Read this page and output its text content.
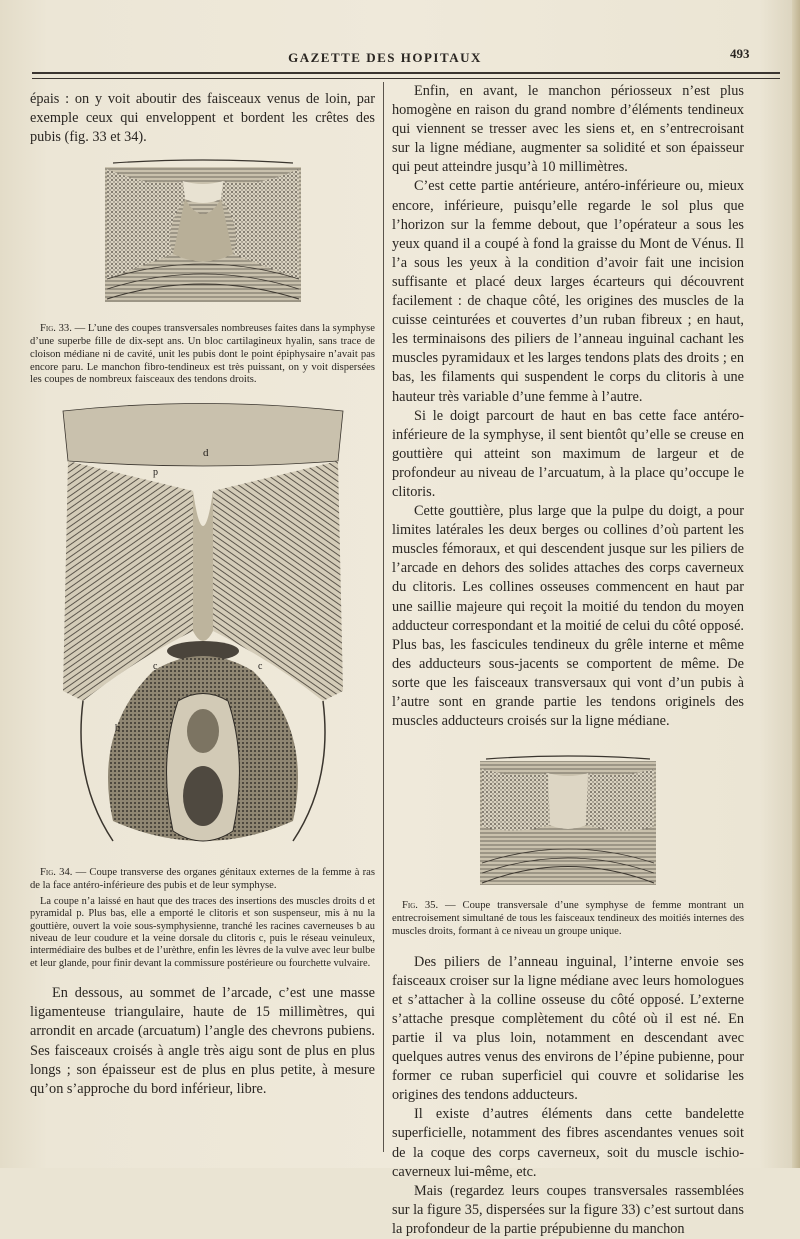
GAZETTE DES HOPITAUX	493

épais : on y voit aboutir des faisceaux venus de loin, par exemple ceux qui enveloppent et bordent les crêtes des pubis (fig. 33 et 34).

Fig. 33. — L’une des coupes transversales nombreuses faites dans la symphyse d’une superbe fille de dix-sept ans. Un bloc cartilagineux hyalin, sans trace de cloison médiane ni de cavité, unit les pubis dont le point épiphysaire n’avait pas encore paru. Le manchon fibro-tendineux est très puissant, on y voit dispersées les coupes de nombreux faisceaux des tendons droits.

d
p
c	c
b

Fig. 34. — Coupe transverse des organes génitaux externes de la femme à ras de la face antéro-inférieure des pubis et de leur symphyse.

La coupe n’a laissé en haut que des traces des insertions des muscles droits d et pyramidal p. Plus bas, elle a emporté le clitoris et son suspenseur, mis à nu la gouttière, ouvert la voie sous-symphysienne, tranché les racines caverneuses b au niveau de leur coudure et la veine dorsale du clitoris c, puis le réseau veinuleux, intermédiaire des bulbes et de l’urèthre, enfin les lèvres de la vulve avec leur bulbe et leur glande, pour finir devant la commissure postérieure ou fourchette vulvaire.

En dessous, au sommet de l’arcade, c’est une masse ligamenteuse triangulaire, haute de 15 millimètres, qui arrondit en arcade (arcuatum) l’angle des chevrons pubiens. Ses faisceaux croisés à angle très aigu sont de plus en plus longs ; son épaisseur est de plus en plus petite, à mesure qu’on s’approche du bord inférieur, libre.

Enfin, en avant, le manchon périosseux n’est plus homogène en raison du grand nombre d’éléments tendineux qui viennent se tresser avec les siens et, en s’entrecroisant sur la ligne médiane, augmenter sa solidité et son épaisseur qui peut atteindre jusqu’à 10 millimètres.

C’est cette partie antérieure, antéro-inférieure ou, mieux encore, inférieure, puisqu’elle regarde le sol plus que l’horizon sur la femme debout, que l’opérateur a sous les yeux quand il a coupé à fond la graisse du Mont de Vénus. Il l’a sous les yeux à la condition d’avoir fait une incision suffisante et placé deux larges écarteurs qui découvrent facilement : de chaque côté, les origines des muscles de la cuisse ceinturées et couvertes d’un ruban fibreux ; en haut, les terminaisons des piliers de l’anneau inguinal cachant les muscles pyramidaux et les larges tendons plats des droits ; en bas, les filaments qui suspendent le corps du clitoris à une hauteur très variable d’une femme à l’autre.

Si le doigt parcourt de haut en bas cette face antéro-inférieure de la symphyse, il sent bientôt qu’elle se creuse en gouttière qui atteint son maximum de largeur et de profondeur au niveau de l’arcuatum, à la place qu’occupe le clitoris.

Cette gouttière, plus large que la pulpe du doigt, a pour limites latérales les deux berges ou collines d’où partent les muscles fémoraux, et qui descendent jusque sur les piliers de l’arcade en dehors des solides attaches des corps caverneux du clitoris. Les collines osseuses commencent en haut par une saillie majeure qui reçoit la moitié du tendon du moyen adducteur correspondant et la moitié de celui du côté opposé. Plus bas, les fascicules tendineux du grêle interne et même des adducteurs sous-jacents se comportent de même. De sorte que les faisceaux transversaux qui vont d’un pubis à l’autre sont en grande partie les tendons originels des muscles adducteurs croisés sur la ligne médiane.

Fig. 35. — Coupe transversale d’une symphyse de femme montrant un entrecroisement simultané de tous les faisceaux tendineux des moitiés internes des muscles droits, formant à ce niveau un groupe unique.

Des piliers de l’anneau inguinal, l’interne envoie ses faisceaux croiser sur la ligne médiane avec leurs homologues et s’attacher à la colline osseuse du côté opposé. L’externe s’attache presque complètement du côté où il est né. En partie il va plus loin, notamment en descendant avec quelques autres venus des environs de l’épine pubienne, pour former ce ruban superficiel qui couvre et solidarise les origines des tendons adducteurs.

Il existe d’autres éléments dans cette bandelette superficielle, notamment des fibres ascendantes venues soit de la coque des corps caverneux, soit du muscle ischio-caverneux lui-même, etc.

Mais (regardez leurs coupes transversales rassemblées sur la figure 35, dispersées sur la figure 33) c’est surtout dans la profondeur de la partie prépubienne du manchon
